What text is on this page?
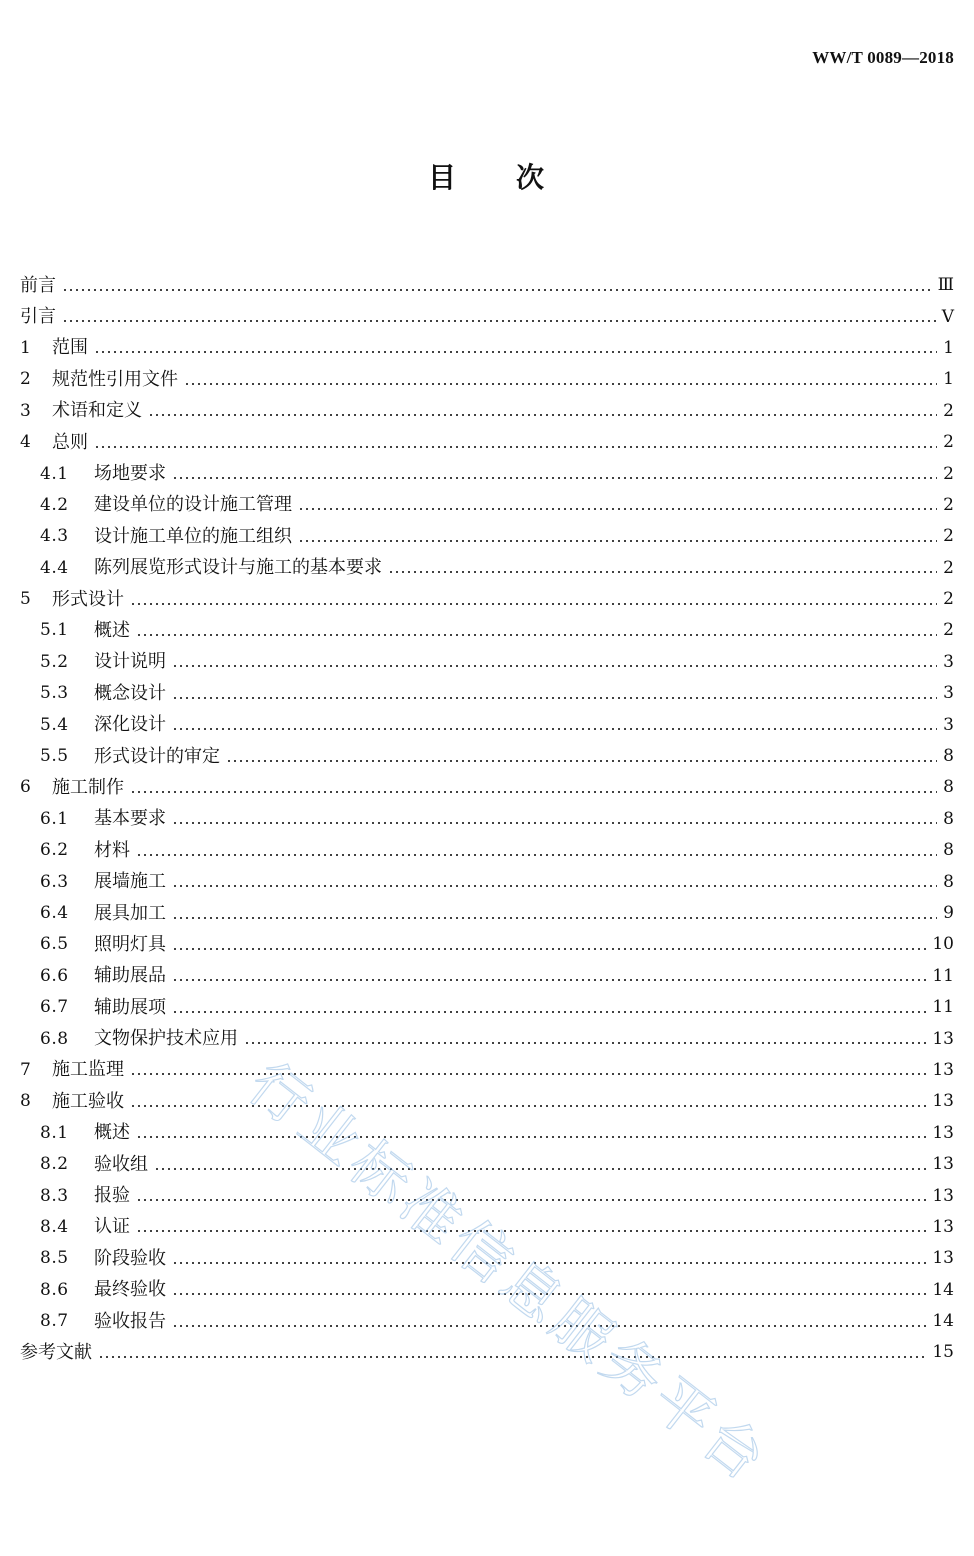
WW/T 0089—2018
目 次
前言	Ⅲ
引言	Ⅴ
1	范围	1
2	规范性引用文件	1
3	术语和定义	2
4	总则	2
4.1	场地要求	2
4.2	建设单位的设计施工管理	2
4.3	设计施工单位的施工组织	2
4.4	陈列展览形式设计与施工的基本要求	2
5	形式设计	2
5.1	概述	2
5.2	设计说明	3
5.3	概念设计	3
5.4	深化设计	3
5.5	形式设计的审定	8
6	施工制作	8
6.1	基本要求	8
6.2	材料	8
6.3	展墙施工	8
6.4	展具加工	9
6.5	照明灯具	10
6.6	辅助展品	11
6.7	辅助展项	11
6.8	文物保护技术应用	13
7	施工监理	13
8	施工验收	13
8.1	概述	13
8.2	验收组	13
8.3	报验	13
8.4	认证	13
8.5	阶段验收	13
8.6	最终验收	14
8.7	验收报告	14
参考文献	15
行业标准信息服务平台
